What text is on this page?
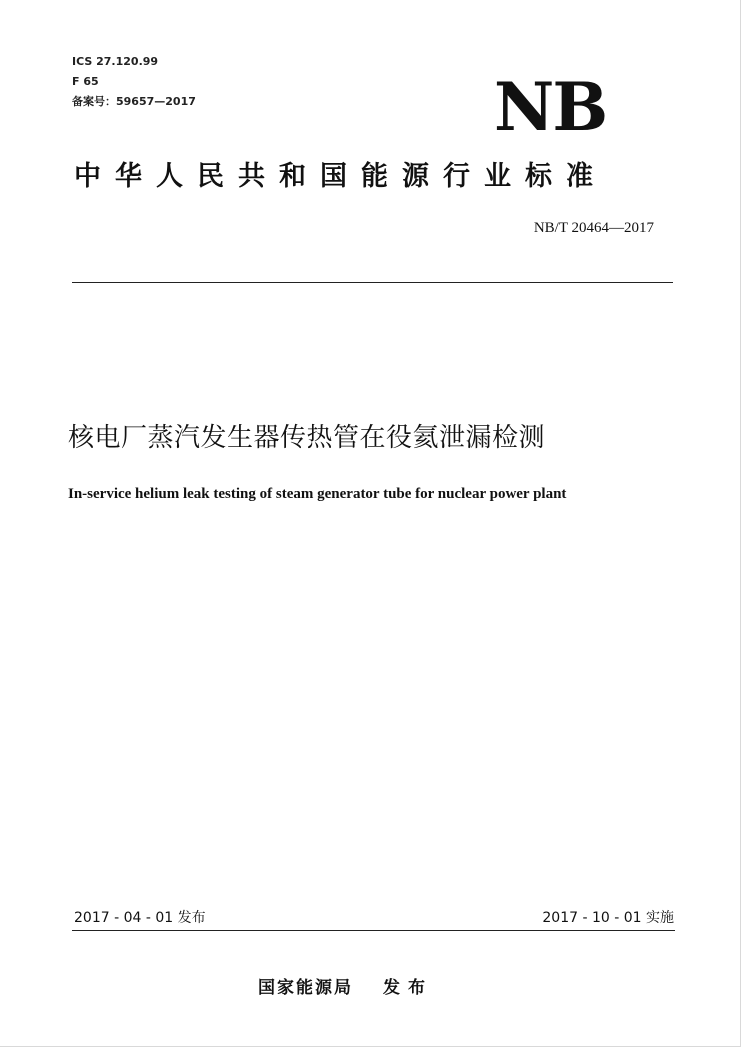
ICS 27.120.99
F 65
备案号：59657—2017	NB
中华人民共和国能源行业标准
NB/T 20464—2017
核电厂蒸汽发生器传热管在役氦泄漏检测
In-service helium leak testing of steam generator tube for nuclear power plant
2017 - 04 - 01 发布	2017 - 10 - 01 实施
国家能源局 发布
